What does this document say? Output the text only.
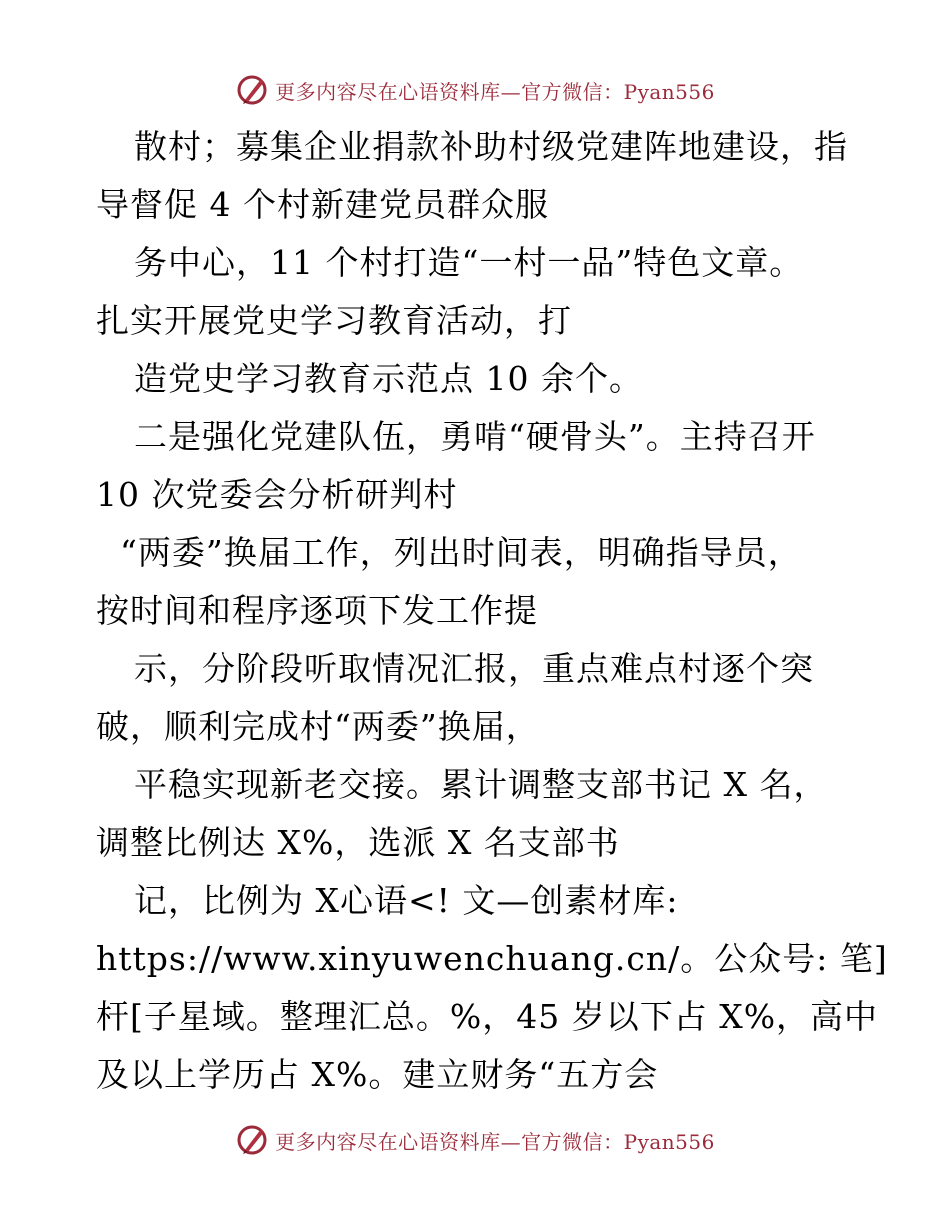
更多内容尽在心语资料库—官方微信：Pyan556
散村；募集企业捐款补助村级党建阵地建设，指
导督促 4 个村新建党员群众服
务中心，11 个村打造“一村一品”特色文章。
扎实开展党史学习教育活动，打
造党史学习教育示范点 10 余个。
二是强化党建队伍，勇啃“硬骨头”。主持召开
10 次党委会分析研判村
“两委”换届工作，列出时间表，明确指导员，
按时间和程序逐项下发工作提
示，分阶段听取情况汇报，重点难点村逐个突
破，顺利完成村“两委”换届，
平稳实现新老交接。累计调整支部书记 X 名，
调整比例达 X%，选派 X 名支部书
记，比例为 X心语<! 文—创素材库:
https://www.xinyuwenchuang.cn/。公众号: 笔]
杆[子星域。整理汇总。%，45 岁以下占 X%，高中
及以上学历占 X%。建立财务“五方会
更多内容尽在心语资料库—官方微信：Pyan556
